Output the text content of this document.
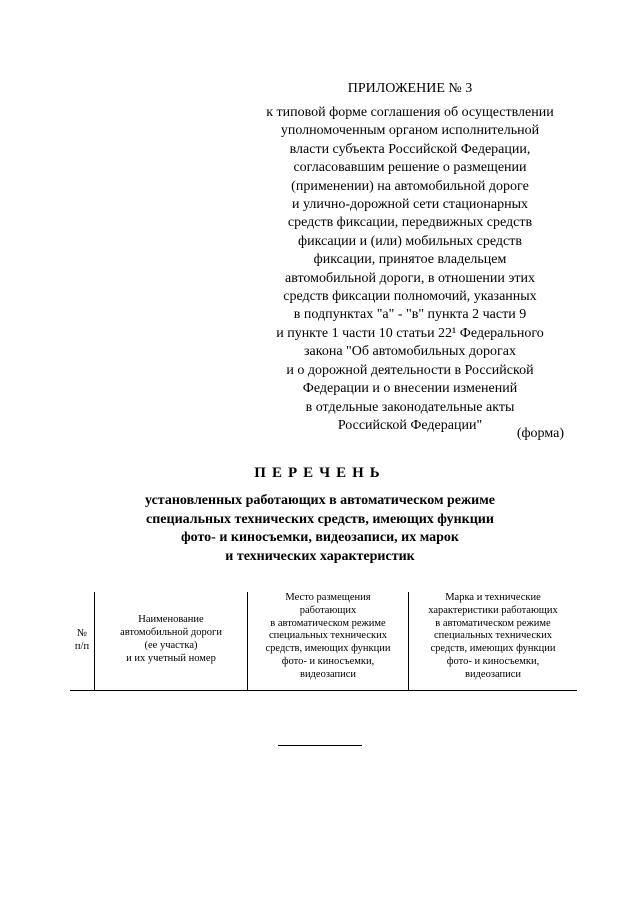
ПРИЛОЖЕНИЕ № 3
к типовой форме соглашения об осуществлении
уполномоченным органом исполнительной
власти субъекта Российской Федерации,
согласовавшим решение о размещении
(применении) на автомобильной дороге
и улично-дорожной сети стационарных
средств фиксации, передвижных средств
фиксации и (или) мобильных средств
фиксации, принятое владельцем
автомобильной дороги, в отношении этих
средств фиксации полномочий, указанных
в подпунктах "а" - "в" пункта 2 части 9
и пункте 1 части 10 статьи 22¹ Федерального
закона "Об автомобильных дорогах
и о дорожной деятельности в Российской
Федерации и о внесении изменений
в отдельные законодательные акты
Российской Федерации"
(форма)
ПЕРЕЧЕНЬ
установленных работающих в автоматическом режиме
специальных технических средств, имеющих функции
фото- и киносъемки, видеозаписи, их марок
и технических характеристик
№
п/п	Наименование
автомобильной дороги
(ее участка)
и их учетный номер	Место размещения
работающих
в автоматическом режиме
специальных технических
средств, имеющих функции
фото- и киносъемки,
видеозаписи	Марка и технические
характеристики работающих
в автоматическом режиме
специальных технических
средств, имеющих функции
фото- и киносъемки,
видеозаписи
